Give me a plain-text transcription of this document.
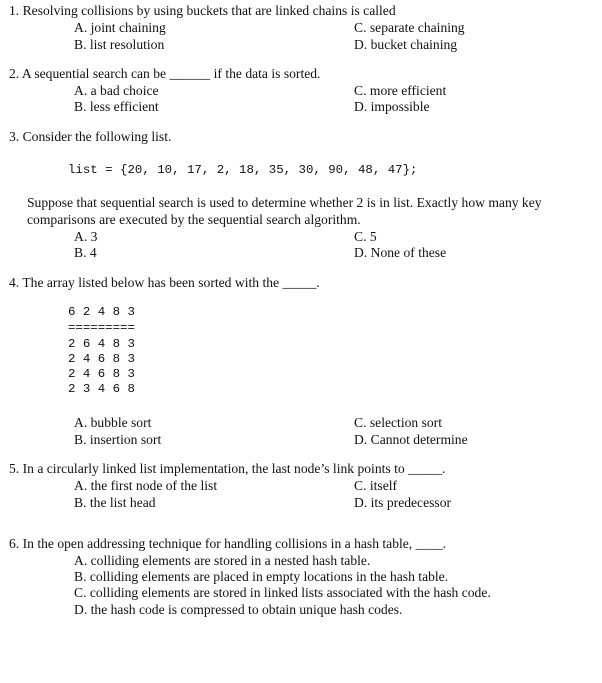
1. Resolving collisions by using buckets that are linked chains is called
A. joint chaining
B. list resolution
C. separate chaining
D. bucket chaining
2. A sequential search can be ______ if the data is sorted.
A. a bad choice
B. less efficient
C. more efficient
D. impossible
3. Consider the following list.
list = {20, 10, 17, 2, 18, 35, 30, 90, 48, 47};
Suppose that sequential search is used to determine whether 2 is in list. Exactly how many key
comparisons are executed by the sequential search algorithm.
A. 3
B. 4
C. 5
D. None of these
4. The array listed below has been sorted with the _____.
6 2 4 8 3
=========
2 6 4 8 3
2 4 6 8 3
2 4 6 8 3
2 3 4 6 8
A. bubble sort
B. insertion sort
C. selection sort
D. Cannot determine
5. In a circularly linked list implementation, the last node’s link points to _____.
A. the first node of the list
B. the list head
C. itself
D. its predecessor
6. In the open addressing technique for handling collisions in a hash table, ____.
A. colliding elements are stored in a nested hash table.
B. colliding elements are placed in empty locations in the hash table.
C. colliding elements are stored in linked lists associated with the hash code.
D. the hash code is compressed to obtain unique hash codes.
